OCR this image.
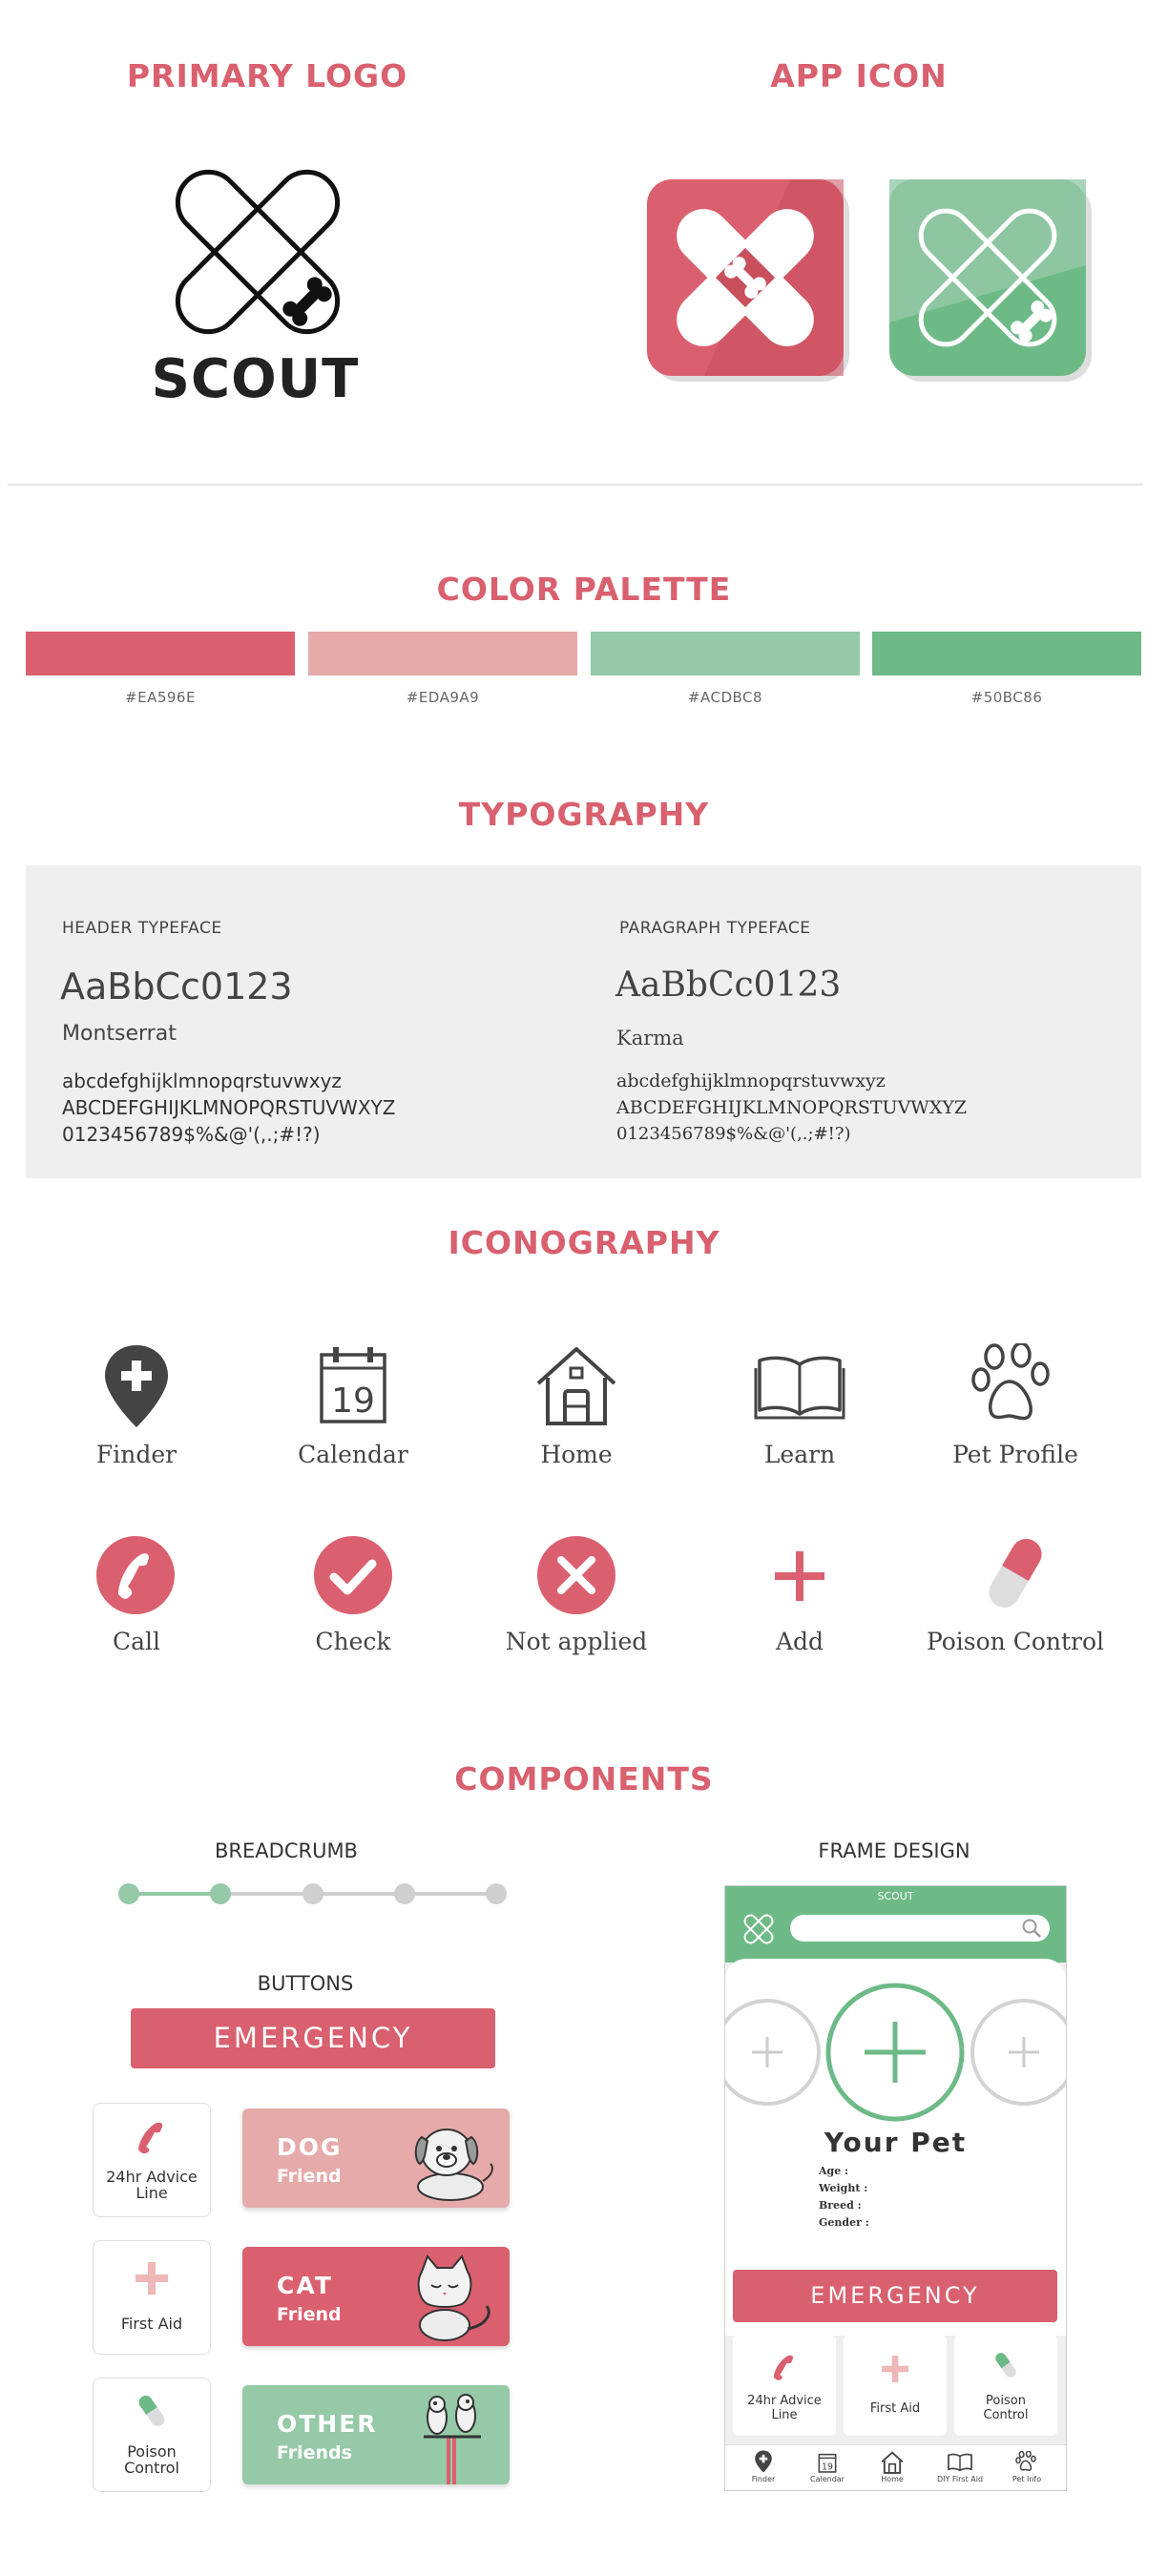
PRIMARY LOGO	APP ICON
SCOUT
COLOR PALETTE
#EA596E	#EDA9A9	#ACDBC8	#50BC86
TYPOGRAPHY
HEADER TYPEFACE
AaBbCc0123
Montserrat
abcdefghijklmnopqrstuvwxyz
ABCDEFGHIJKLMNOPQRSTUVWXYZ
0123456789$%&@'(,.;#!?)
PARAGRAPH TYPEFACE
AaBbCc0123
Karma
abcdefghijklmnopqrstuvwxyz
ABCDEFGHIJKLMNOPQRSTUVWXYZ
0123456789$%&@'(,.;#!?)
ICONOGRAPHY
19
Finder	Calendar	Home	Learn	Pet Profile
Call	Check	Not applied	Add	Poison Control
COMPONENTS
BREADCRUMB
BUTTONS
EMERGENCY
24hr Advice
Line
First Aid
Poison
Control
DOG
Friend
CAT
Friend
OTHER
Friends
FRAME DESIGN
SCOUT
Your Pet
Age :
Weight :
Breed :
Gender :
EMERGENCY
24hr Advice
Line	First Aid
Poison
Control
19
Finder	Calendar	Home	DIY First Aid	Pet Info
